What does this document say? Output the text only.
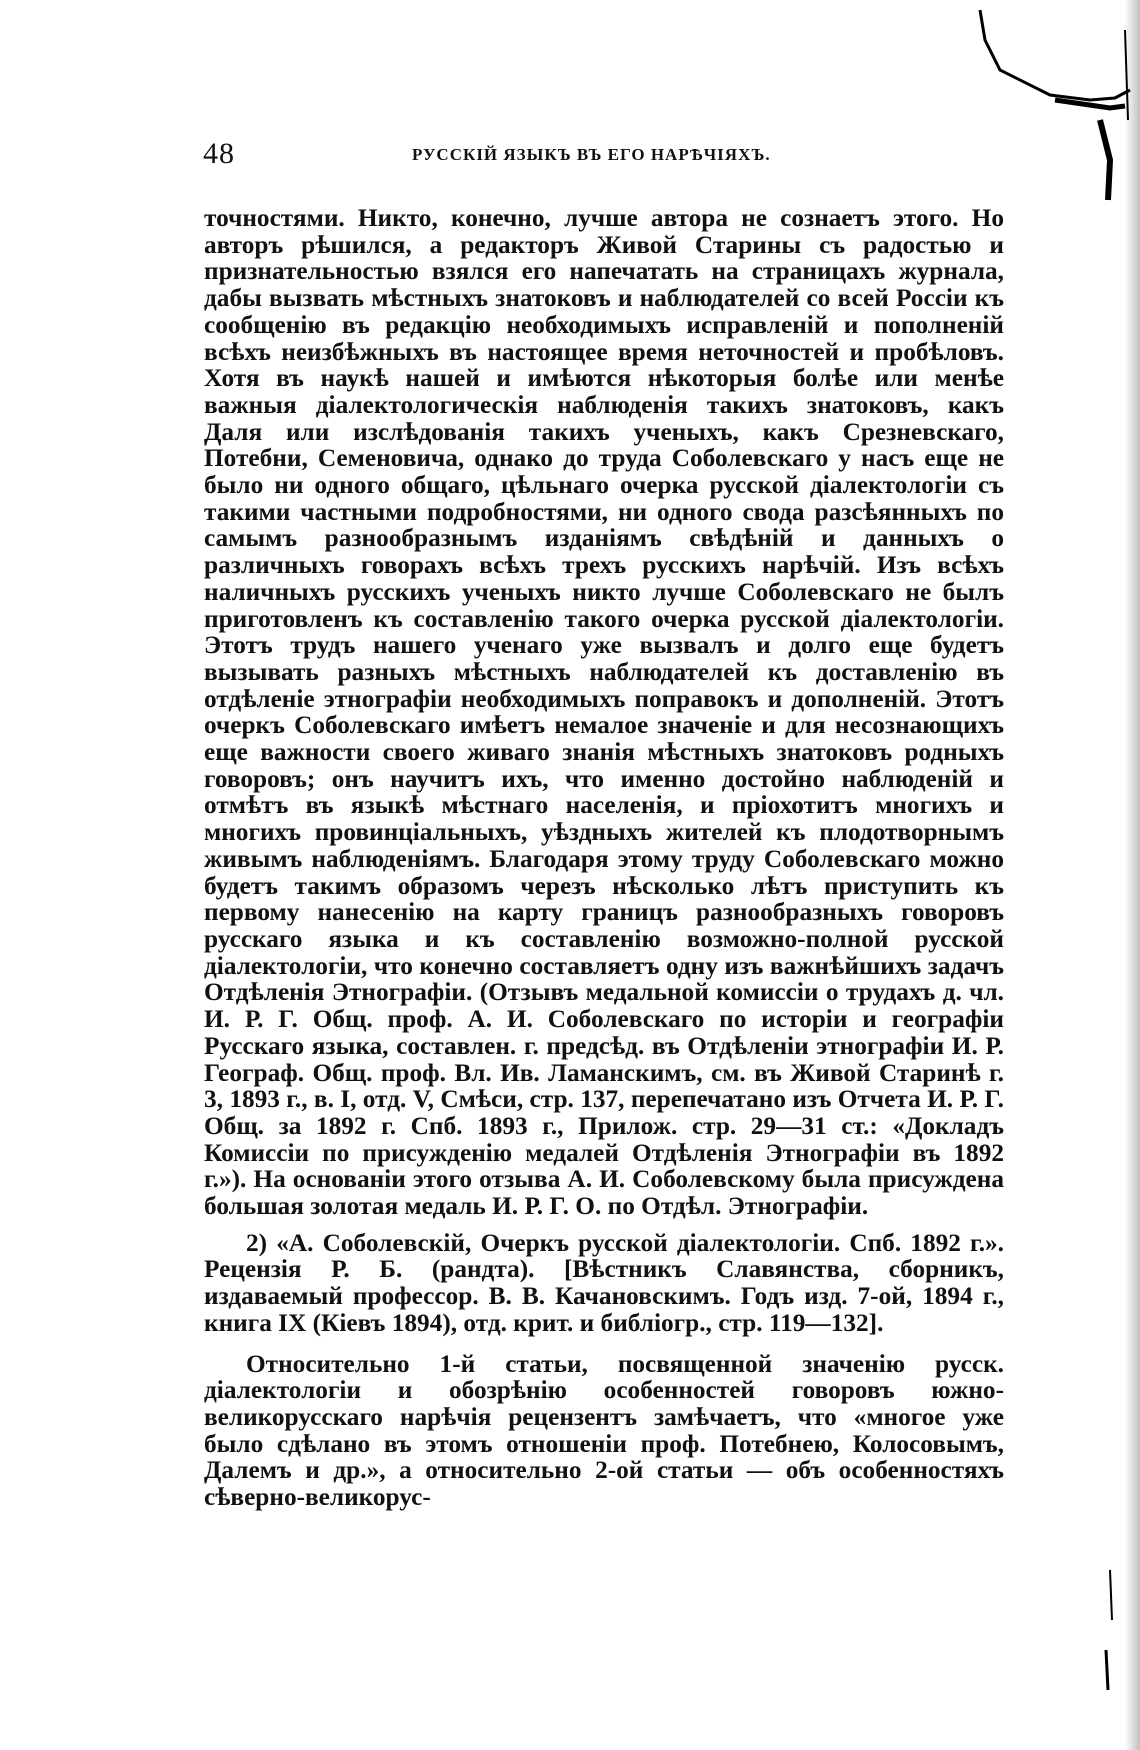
48	РУССКІЙ ЯЗЫКЪ ВЪ ЕГО НАРѢЧІЯХЪ.

точностями. Никто, конечно, лучше автора не сознаетъ этого. Но авторъ рѣшился, а редакторъ Живой Старины съ радостью и признательностью взялся его напечатать на страницахъ журнала, дабы вызвать мѣстныхъ знатоковъ и наблюдателей со всей Россіи къ сообщенію въ редакцію необходимыхъ исправленій и пополненій всѣхъ неизбѣжныхъ въ настоящее время неточностей и пробѣловъ. Хотя въ наукѣ нашей и имѣются нѣкоторыя болѣе или менѣе важныя діалектологическія наблюденія такихъ знатоковъ, какъ Даля или изслѣдованія такихъ ученыхъ, какъ Срезневскаго, Потебни, Семеновича, однако до труда Соболевскаго у насъ еще не было ни одного общаго, цѣльнаго очерка русской діалектологіи съ такими частными подробностями, ни одного свода разсѣянныхъ по самымъ разнообразнымъ изданіямъ свѣдѣній и данныхъ о различныхъ говорахъ всѣхъ трехъ русскихъ нарѣчій. Изъ всѣхъ наличныхъ русскихъ ученыхъ никто лучше Соболевскаго не былъ приготовленъ къ составленію такого очерка русской діалектологіи. Этотъ трудъ нашего ученаго уже вызвалъ и долго еще будетъ вызывать разныхъ мѣстныхъ наблюдателей къ доставленію въ отдѣленіе этнографіи необходимыхъ поправокъ и дополненій. Этотъ очеркъ Соболевскаго имѣетъ немалое значеніе и для несознающихъ еще важности своего живаго знанія мѣстныхъ знатоковъ родныхъ говоровъ; онъ научитъ ихъ, что именно достойно наблюденій и отмѣтъ въ языкѣ мѣстнаго населенія, и пріохотитъ многихъ и многихъ провинціальныхъ, уѣздныхъ жителей къ плодотворнымъ живымъ наблюденіямъ. Благодаря этому труду Соболевскаго можно будетъ такимъ образомъ черезъ нѣсколько лѣтъ приступить къ первому нанесенію на карту границъ разнообразныхъ говоровъ русскаго языка и къ составленію возможно-полной русской діалектологіи, что конечно составляетъ одну изъ важнѣйшихъ задачъ Отдѣленія Этнографіи. (Отзывъ медальной комиссіи о трудахъ д. чл. И. Р. Г. Общ. проф. А. И. Соболевскаго по исторіи и географіи Русскаго языка, составлен. г. предсѣд. въ Отдѣленіи этнографіи И. Р. Географ. Общ. проф. Вл. Ив. Ламанскимъ, см. въ Живой Старинѣ г. 3, 1893 г., в. I, отд. V, Смѣси, стр. 137, перепечатано изъ Отчета И. Р. Г. Общ. за 1892 г. Спб. 1893 г., Прилож. стр. 29—31 ст.: «Докладъ Комиссіи по присужденію медалей Отдѣленія Этнографіи въ 1892 г.»). На основаніи этого отзыва А. И. Соболевскому была присуждена большая золотая медаль И. Р. Г. О. по Отдѣл. Этнографіи.

2) «А. Соболевскій, Очеркъ русской діалектологіи. Спб. 1892 г.». Рецензія Р. Б. (рандта). [Вѣстникъ Славянства, сборникъ, издаваемый профессор. В. В. Качановскимъ. Годъ изд. 7-ой, 1894 г., книга IX (Кіевъ 1894), отд. крит. и библіогр., стр. 119—132].

Относительно 1-й статьи, посвященной значенію русск. діалектологіи и обозрѣнію особенностей говоровъ южно-великорусскаго нарѣчія рецензентъ замѣчаетъ, что «многое уже было сдѣлано въ этомъ отношеніи проф. Потебнею, Колосовымъ, Далемъ и др.», а относительно 2-ой статьи — объ особенностяхъ сѣверно-великорус-
